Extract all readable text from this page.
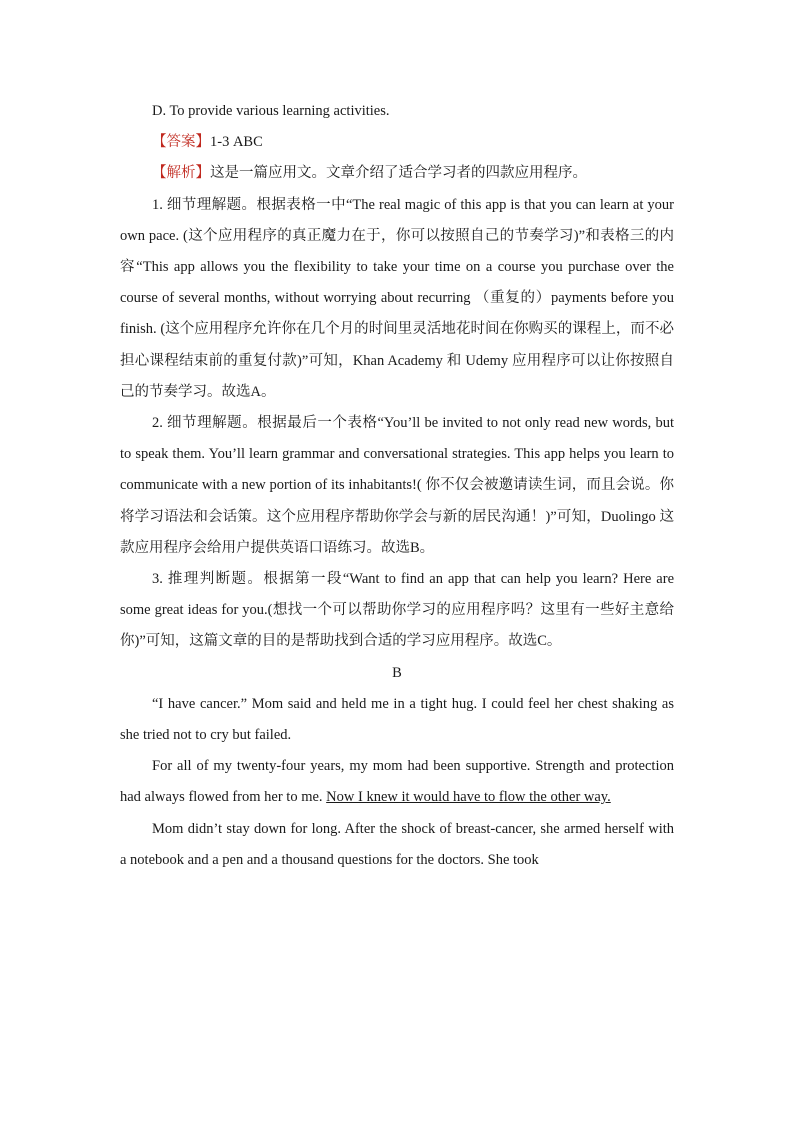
D. To provide various learning activities.

【答案】1-3 ABC

【解析】这是一篇应用文。文章介绍了适合学习者的四款应用程序。

1. 细节理解题。根据表格一中“The real magic of this app is that you can learn at your own pace. (这个应用程序的真正魔力在于，你可以按照自己的节奏学习)”和表格三的内容“This app allows you the flexibility to take your time on a course you purchase over the course of several months, without worrying about recurring （重复的）payments before you finish. (这个应用程序允许你在几个月的时间里灵活地花时间在你购买的课程上，而不必担心课程结束前的重复付款)”可知，Khan Academy 和 Udemy 应用程序可以让你按照自己的节奏学习。故选A。

2. 细节理解题。根据最后一个表格“You’ll be invited to not only read new words, but to speak them. You’ll learn grammar and conversational strategies. This app helps you learn to communicate with a new portion of its inhabitants!( 你不仅会被邀请读生词，而且会说。你将学习语法和会话策。这个应用程序帮助你学会与新的居民沟通！)”可知，Duolingo 这款应用程序会给用户提供英语口语练习。故选B。

3. 推理判断题。根据第一段“Want to find an app that can help you learn? Here are some great ideas for you.(想找一个可以帮助你学习的应用程序吗？这里有一些好主意给你)”可知，这篇文章的目的是帮助找到合适的学习应用程序。故选C。

B

“I have cancer.” Mom said and held me in a tight hug. I could feel her chest shaking as she tried not to cry but failed.

For all of my twenty-four years, my mom had been supportive. Strength and protection had always flowed from her to me. Now I knew it would have to flow the other way.

Mom didn’t stay down for long. After the shock of breast-cancer, she armed herself with a notebook and a pen and a thousand questions for the doctors. She took
